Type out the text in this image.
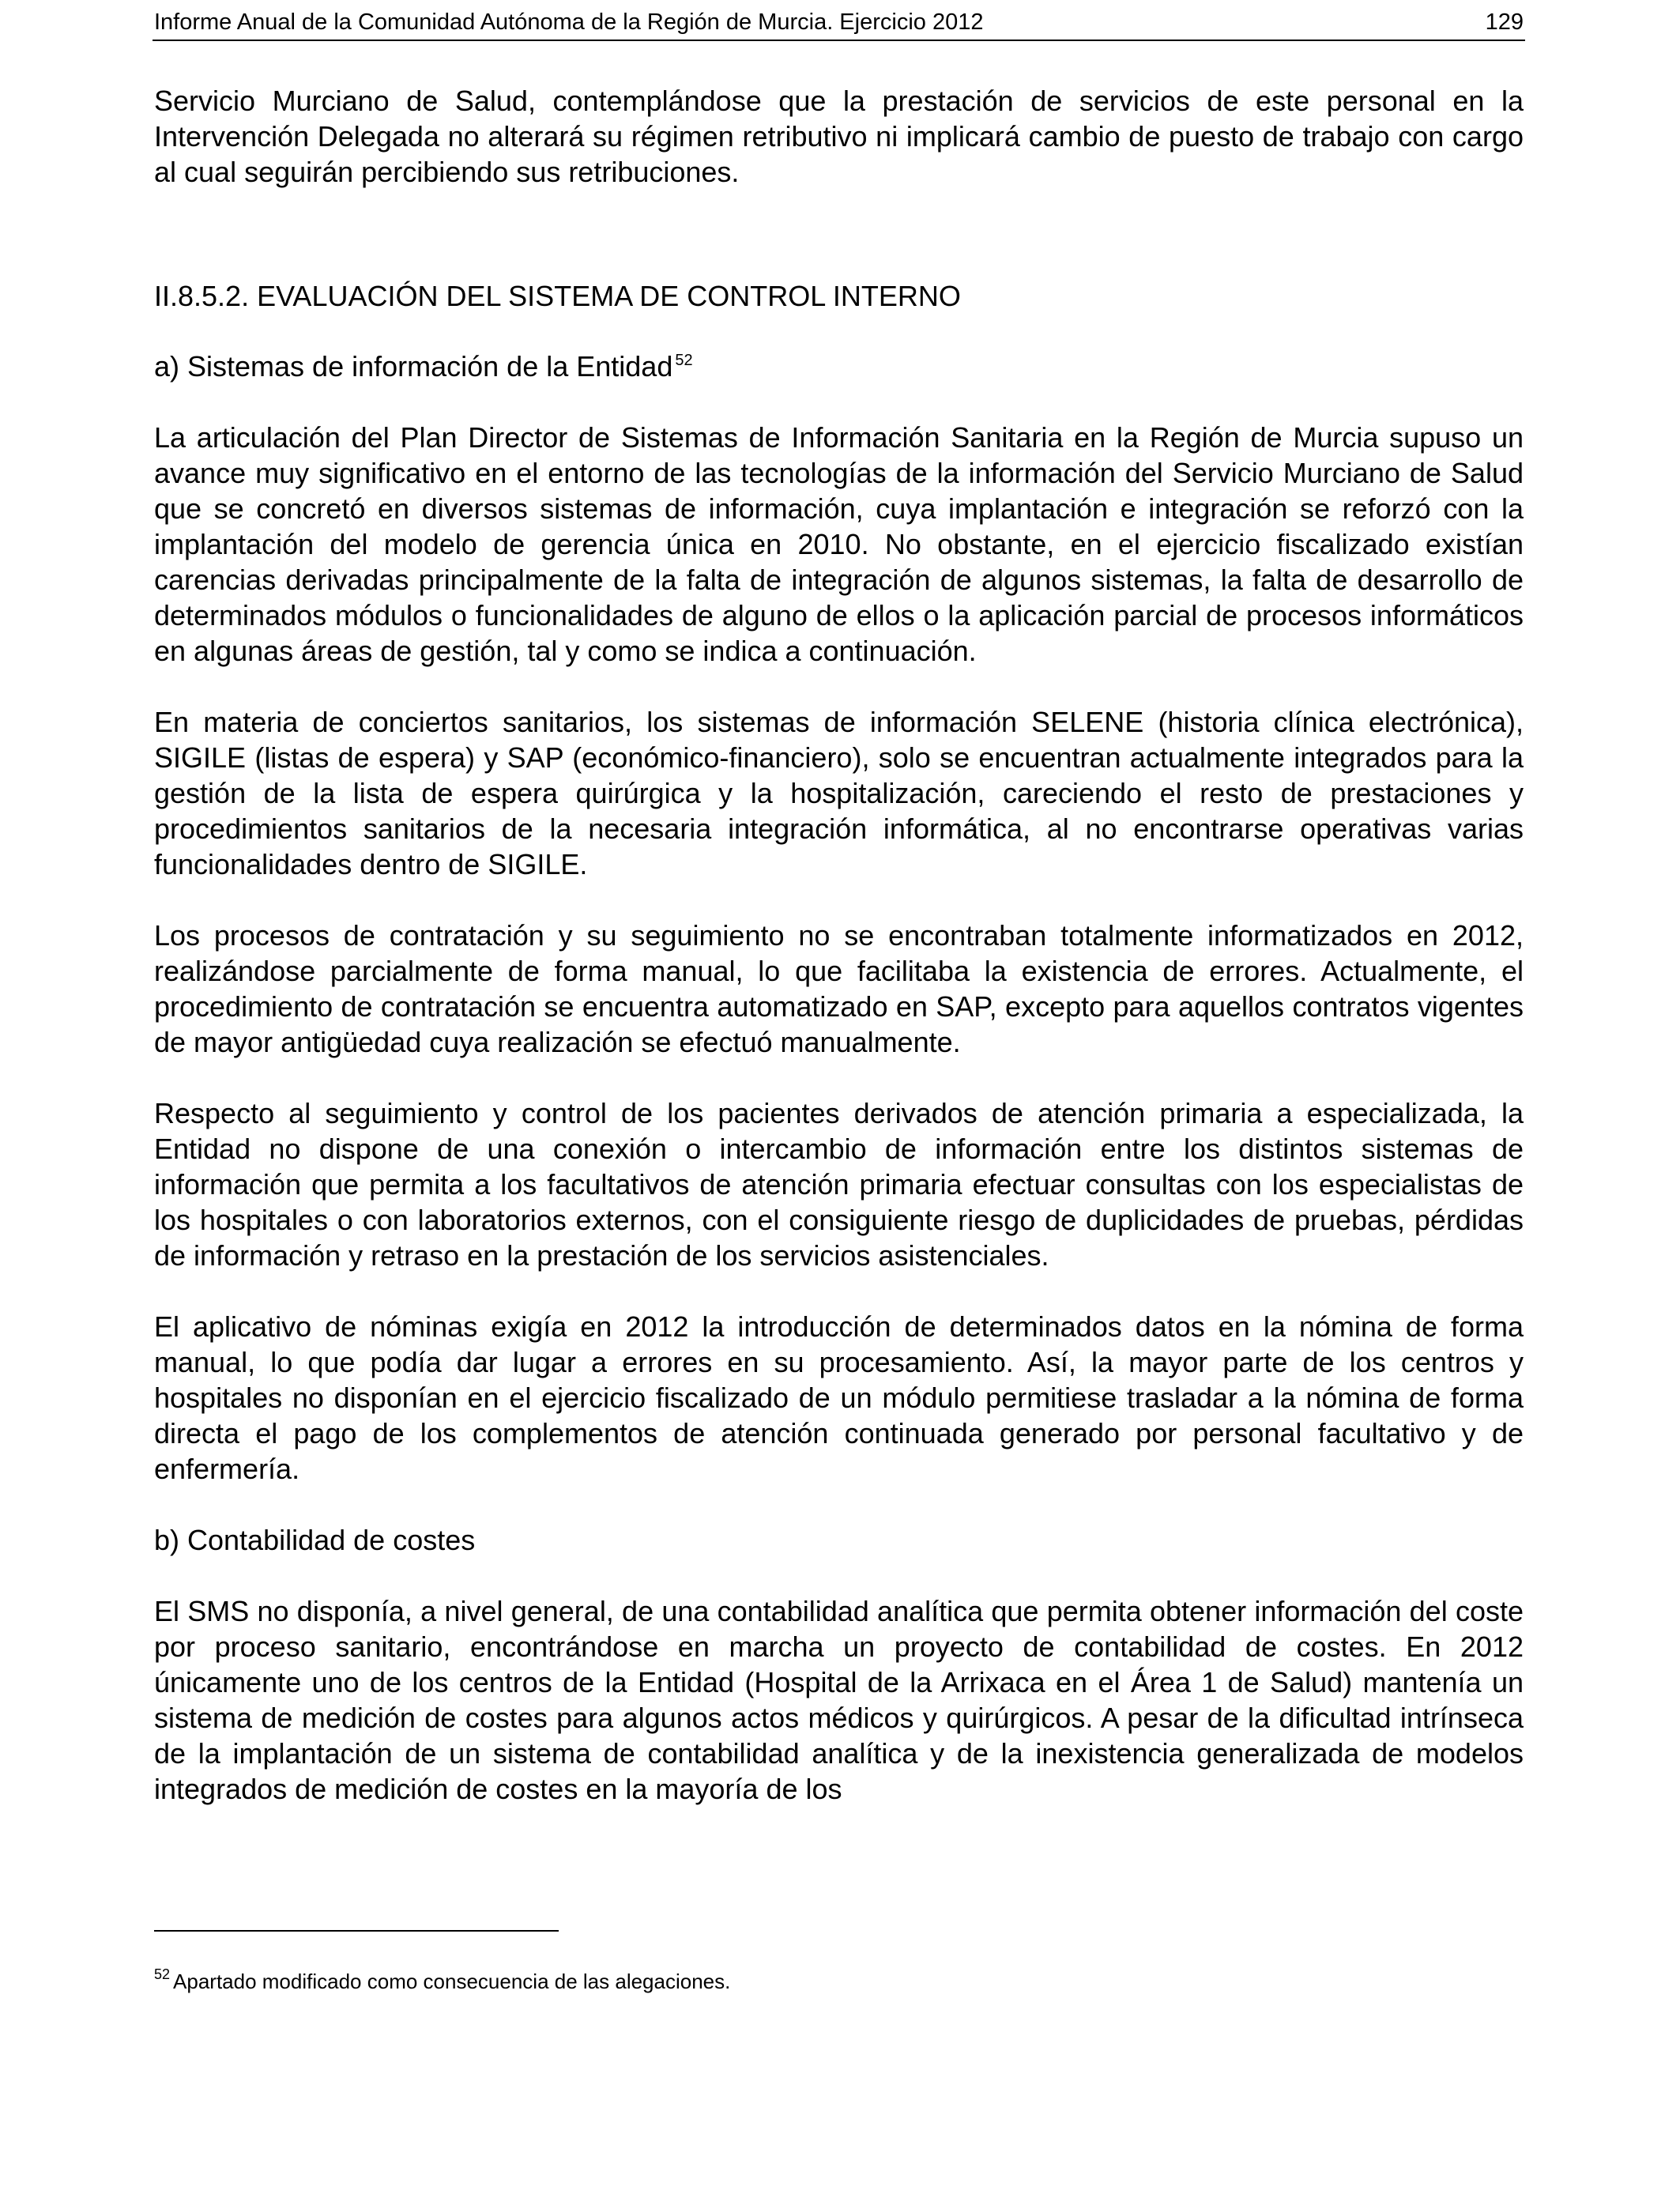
Informe Anual de la Comunidad Autónoma de la Región de Murcia. Ejercicio 2012	129

Servicio Murciano de Salud, contemplándose que la prestación de servicios de este personal en la Intervención Delegada no alterará su régimen retributivo ni implicará cambio de puesto de trabajo con cargo al cual seguirán percibiendo sus retribuciones.

II.8.5.2. EVALUACIÓN DEL SISTEMA DE CONTROL INTERNO

a) Sistemas de información de la Entidad $^{52}$

La articulación del Plan Director de Sistemas de Información Sanitaria en la Región de Murcia supuso un avance muy significativo en el entorno de las tecnologías de la información del Servicio Murciano de Salud que se concretó en diversos sistemas de información, cuya implantación e integración se reforzó con la implantación del modelo de gerencia única en 2010. No obstante, en el ejercicio fiscalizado existían carencias derivadas principalmente de la falta de integración de algunos sistemas, la falta de desarrollo de determinados módulos o funcionalidades de alguno de ellos o la aplicación parcial de procesos informáticos en algunas áreas de gestión, tal y como se indica a continuación.

En materia de conciertos sanitarios, los sistemas de información SELENE (historia clínica electrónica), SIGILE (listas de espera) y SAP (económico-financiero), solo se encuentran actualmente integrados para la gestión de la lista de espera quirúrgica y la hospitalización, careciendo el resto de prestaciones y procedimientos sanitarios de la necesaria integración informática, al no encontrarse operativas varias funcionalidades dentro de SIGILE.

Los procesos de contratación y su seguimiento no se encontraban totalmente informatizados en 2012, realizándose parcialmente de forma manual, lo que facilitaba la existencia de errores. Actualmente, el procedimiento de contratación se encuentra automatizado en SAP, excepto para aquellos contratos vigentes de mayor antigüedad cuya realización se efectuó manualmente.

Respecto al seguimiento y control de los pacientes derivados de atención primaria a especializada, la Entidad no dispone de una conexión o intercambio de información entre los distintos sistemas de información que permita a los facultativos de atención primaria efectuar consultas con los especialistas de los hospitales o con laboratorios externos, con el consiguiente riesgo de duplicidades de pruebas, pérdidas de información y retraso en la prestación de los servicios asistenciales.

El aplicativo de nóminas exigía en 2012 la introducción de determinados datos en la nómina de forma manual, lo que podía dar lugar a errores en su procesamiento. Así, la mayor parte de los centros y hospitales no disponían en el ejercicio fiscalizado de un módulo permitiese trasladar a la nómina de forma directa el pago de los complementos de atención continuada generado por personal facultativo y de enfermería.

b) Contabilidad de costes

El SMS no disponía, a nivel general, de una contabilidad analítica que permita obtener información del coste por proceso sanitario, encontrándose en marcha un proyecto de contabilidad de costes. En 2012 únicamente uno de los centros de la Entidad (Hospital de la Arrixaca en el Área 1 de Salud) mantenía un sistema de medición de costes para algunos actos médicos y quirúrgicos. A pesar de la dificultad intrínseca de la implantación de un sistema de contabilidad analítica y de la inexistencia generalizada de modelos integrados de medición de costes en la mayoría de los

$^{52}$ Apartado modificado como consecuencia de las alegaciones.
